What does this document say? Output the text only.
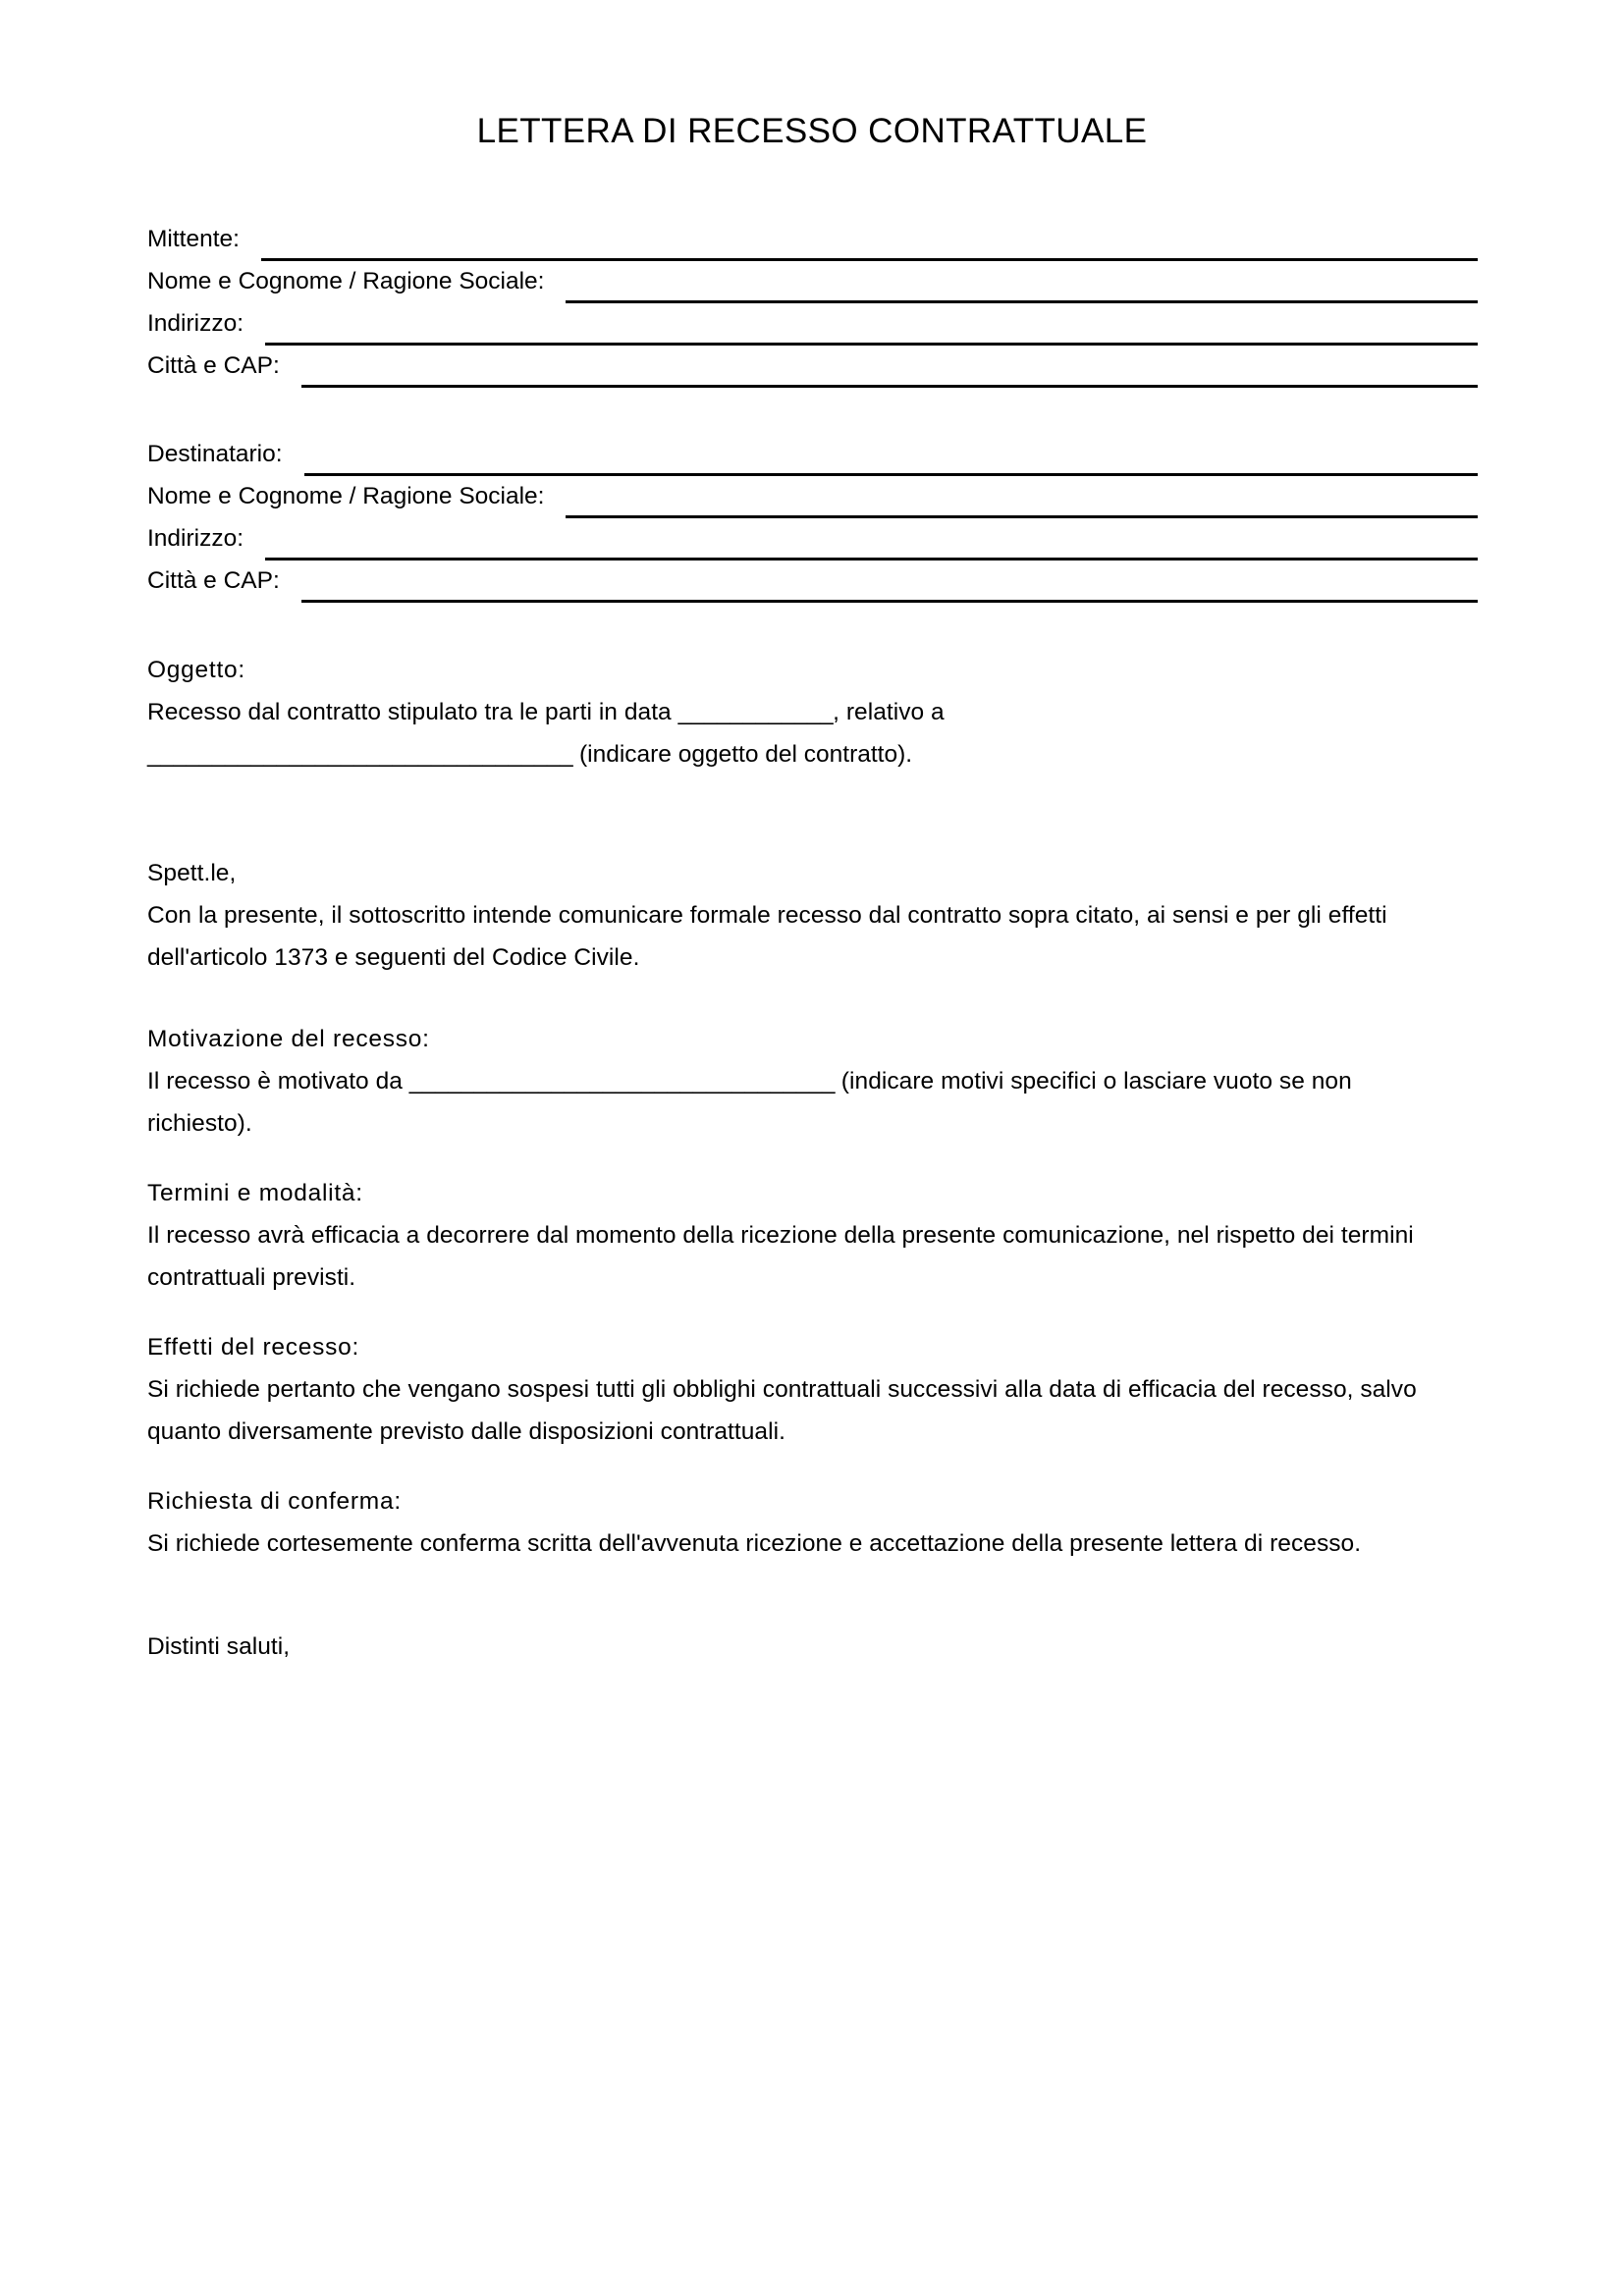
LETTERA DI RECESSO CONTRATTUALE
Mittente:
Nome e Cognome / Ragione Sociale:
Indirizzo:
Città e CAP:
Destinatario:
Nome e Cognome / Ragione Sociale:
Indirizzo:
Città e CAP:
Oggetto:
Recesso dal contratto stipulato tra le parti in data ____________, relativo a
_________________________________ (indicare oggetto del contratto).
Spett.le,
Con la presente, il sottoscritto intende comunicare formale recesso dal contratto sopra citato, ai sensi e per gli effetti dell'articolo 1373 e seguenti del Codice Civile.
Motivazione del recesso:
Il recesso è motivato da _________________________________ (indicare motivi specifici o lasciare vuoto se non richiesto).
Termini e modalità:
Il recesso avrà efficacia a decorrere dal momento della ricezione della presente comunicazione, nel rispetto dei termini contrattuali previsti.
Effetti del recesso:
Si richiede pertanto che vengano sospesi tutti gli obblighi contrattuali successivi alla data di efficacia del recesso, salvo quanto diversamente previsto dalle disposizioni contrattuali.
Richiesta di conferma:
Si richiede cortesemente conferma scritta dell'avvenuta ricezione e accettazione della presente lettera di recesso.
Distinti saluti,
